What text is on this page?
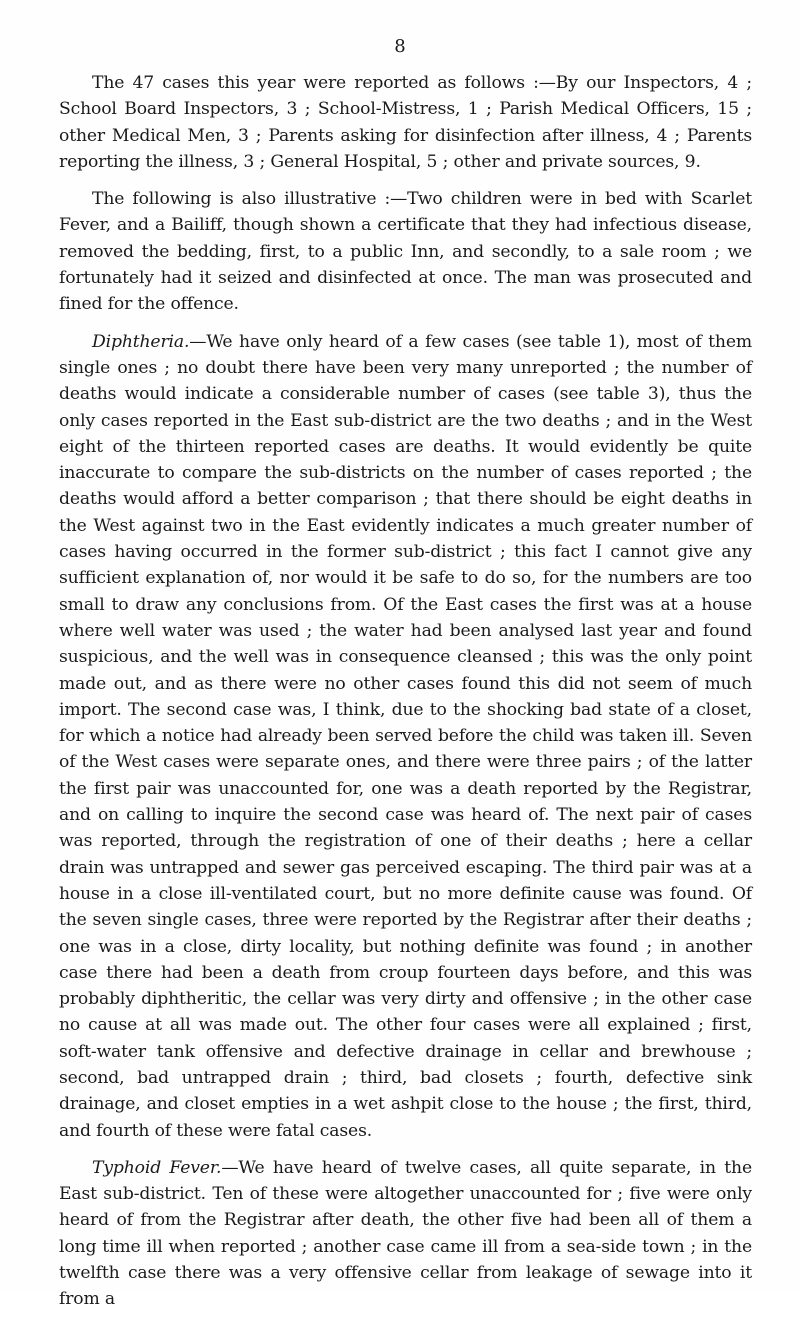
8

The 47 cases this year were reported as follows :—By our Inspectors, 4 ; School Board Inspectors, 3 ; School-Mistress, 1 ; Parish Medical Officers, 15 ; other Medical Men, 3 ; Parents asking for disinfection after illness, 4 ; Parents reporting the illness, 3 ; General Hospital, 5 ; other and private sources, 9.

The following is also illustrative :—Two children were in bed with Scarlet Fever, and a Bailiff, though shown a certificate that they had infectious disease, removed the bedding, first, to a public Inn, and secondly, to a sale room ; we fortunately had it seized and disinfected at once. The man was prosecuted and fined for the offence.

Diphtheria.—We have only heard of a few cases (see table 1), most of them single ones ; no doubt there have been very many unreported ; the number of deaths would indicate a considerable number of cases (see table 3), thus the only cases reported in the East sub-district are the two deaths ; and in the West eight of the thirteen reported cases are deaths. It would evidently be quite inaccurate to compare the sub-districts on the number of cases reported ; the deaths would afford a better comparison ; that there should be eight deaths in the West against two in the East evidently indicates a much greater number of cases having occurred in the former sub-district ; this fact I cannot give any sufficient explanation of, nor would it be safe to do so, for the numbers are too small to draw any conclusions from. Of the East cases the first was at a house where well water was used ; the water had been analysed last year and found suspicious, and the well was in consequence cleansed ; this was the only point made out, and as there were no other cases found this did not seem of much import. The second case was, I think, due to the shocking bad state of a closet, for which a notice had already been served before the child was taken ill. Seven of the West cases were separate ones, and there were three pairs ; of the latter the first pair was unaccounted for, one was a death reported by the Registrar, and on calling to inquire the second case was heard of. The next pair of cases was reported, through the registration of one of their deaths ; here a cellar drain was untrapped and sewer gas perceived escaping. The third pair was at a house in a close ill-ventilated court, but no more definite cause was found. Of the seven single cases, three were reported by the Registrar after their deaths ; one was in a close, dirty locality, but nothing definite was found ; in another case there had been a death from croup fourteen days before, and this was probably diphtheritic, the cellar was very dirty and offensive ; in the other case no cause at all was made out. The other four cases were all explained ; first, soft-water tank offensive and defective drainage in cellar and brewhouse ; second, bad untrapped drain ; third, bad closets ; fourth, defective sink drainage, and closet empties in a wet ashpit close to the house ; the first, third, and fourth of these were fatal cases.

Typhoid Fever.—We have heard of twelve cases, all quite separate, in the East sub-district. Ten of these were altogether unaccounted for ; five were only heard of from the Registrar after death, the other five had been all of them a long time ill when reported ; another case came ill from a sea-side town ; in the twelfth case there was a very offensive cellar from leakage of sewage into it from a
